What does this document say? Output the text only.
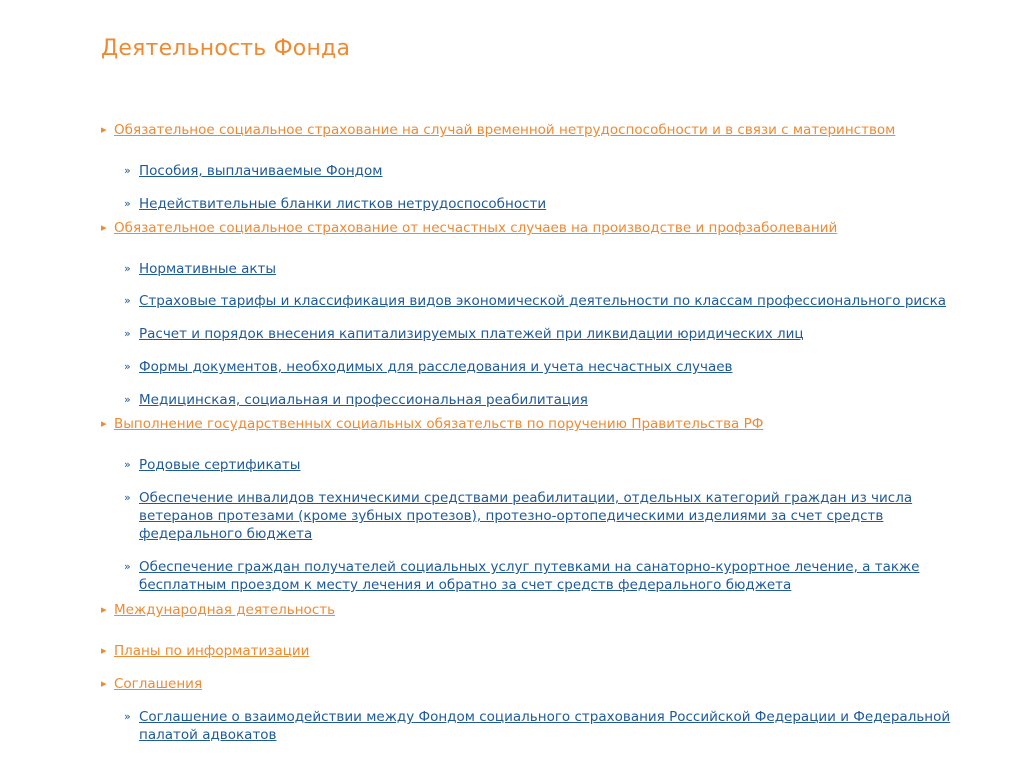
Деятельность Фонда
▸ Обязательное социальное страхование на случай временной нетрудоспособности и в связи с материнством
» Пособия, выплачиваемые Фондом
» Недействительные бланки листков нетрудоспособности
▸ Обязательное социальное страхование от несчастных случаев на производстве и профзаболеваний
» Нормативные акты
» Страховые тарифы и классификация видов экономической деятельности по классам профессионального риска
» Расчет и порядок внесения капитализируемых платежей при ликвидации юридических лиц
» Формы документов, необходимых для расследования и учета несчастных случаев
» Медицинская, социальная и профессиональная реабилитация
▸ Выполнение государственных социальных обязательств по поручению Правительства РФ
» Родовые сертификаты
» Обеспечение инвалидов техническими средствами реабилитации, отдельных категорий граждан из числа ветеранов протезами (кроме зубных протезов), протезно-ортопедическими изделиями за счет средств федерального бюджета
» Обеспечение граждан получателей социальных услуг путевками на санаторно-курортное лечение, а также бесплатным проездом к месту лечения и обратно за счет средств федерального бюджета
▸ Международная деятельность
▸ Планы по информатизации
▸ Соглашения
» Соглашение о взаимодействии между Фондом социального страхования Российской Федерации и Федеральной палатой адвокатов
